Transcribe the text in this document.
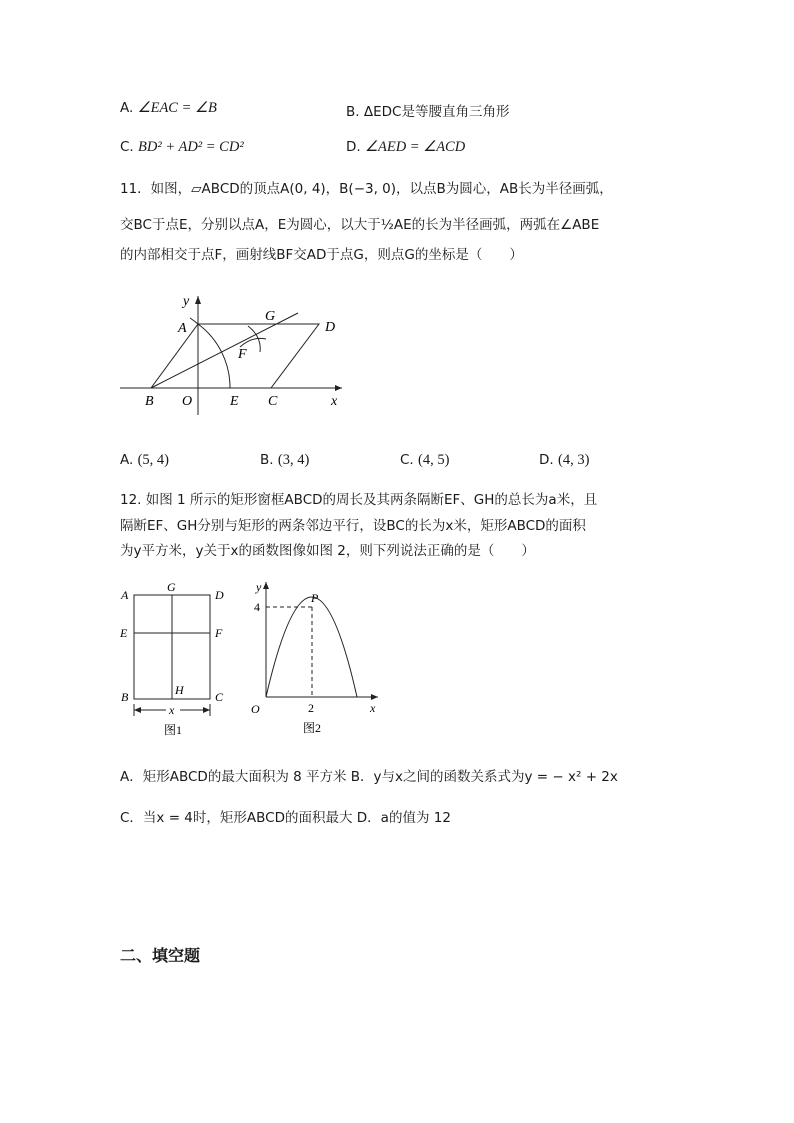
A. ∠EAC = ∠B	B. ΔEDC是等腰直角三角形
C. BD² + AD² = CD²	D. ∠AED = ∠ACD
11．如图，▱ABCD的顶点A(0, 4)，B(−3, 0)，以点B为圆心，AB长为半径画弧，
交BC于点E，分别以点A，E为圆心，以大于½AE的长为半径画弧，两弧在∠ABE
的内部相交于点F，画射线BF交AD于点G，则点G的坐标是（　　）
y
A
G
D
F
B O	E C	x
A. (5, 4)	B. (3, 4)	C. (4, 5)	D. (4, 3)
12. 如图 1 所示的矩形窗框ABCD的周长及其两条隔断EF、GH的总长为a米，且
隔断EF、GH分别与矩形的两条邻边平行，设BC的长为x米，矩形ABCD的面积
为y平方米，y关于x的函数图像如图 2，则下列说法正确的是（　　）
A
G
D
E	F
B	H	C
x
图1
y
P
4
O	2	x
图2
A．矩形ABCD的最大面积为 8 平方米 B．y与x之间的函数关系式为y = − x² + 2x
C．当x = 4时，矩形ABCD的面积最大 D．a的值为 12
二、填空题
